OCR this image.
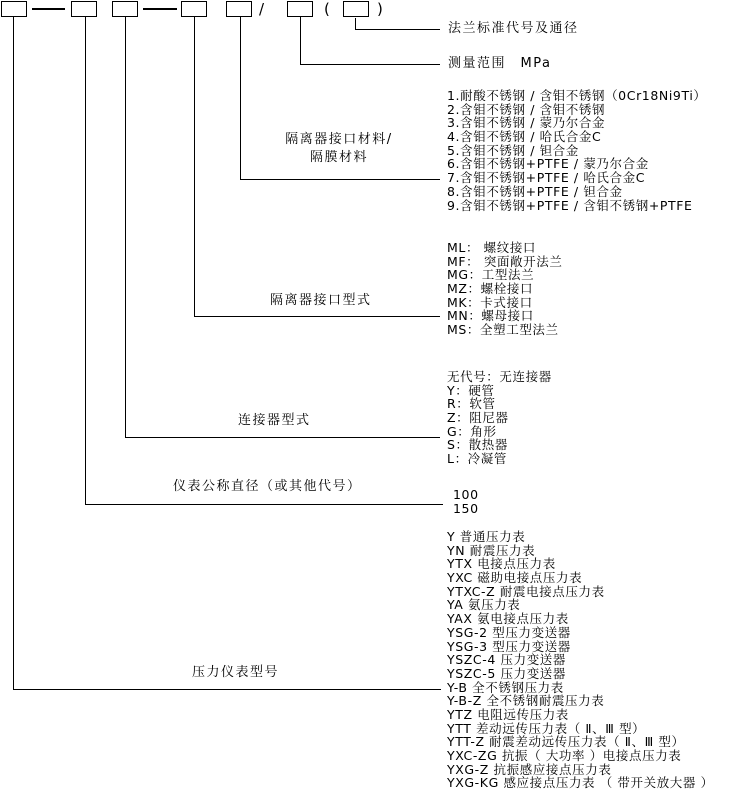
/	(	)
法兰标准代号及通径
测量范围　MPa
隔离器接口材料/
隔膜材料
隔离器接口型式
连接器型式
仪表公称直径（或其他代号）
压力仪表型号
1.耐酸不锈钢 / 含钼不锈钢（0Cr18Ni9Ti）
2.含钼不锈钢 / 含钼不锈钢
3.含钼不锈钢 / 蒙乃尔合金
4.含钼不锈钢 / 哈氏合金C
5.含钼不锈钢 / 钽合金
6.含钼不锈钢+PTFE / 蒙乃尔合金
7.含钼不锈钢+PTFE / 哈氏合金C
8.含钼不锈钢+PTFE / 钽合金
9.含钼不锈钢+PTFE / 含钼不锈钢+PTFE
ML： 螺纹接口
MF： 突面敞开法兰
MG：工型法兰
MZ：螺栓接口
MK：卡式接口
MN：螺母接口
MS：全塑工型法兰
无代号：无连接器
Y：硬管
R：软管
Z：阻尼器
G：角形
S：散热器
L：冷凝管
100
150
Y 普通压力表
YN 耐震压力表
YTX 电接点压力表
YXC 磁助电接点压力表
YTXC-Z 耐震电接点压力表
YA 氨压力表
YAX 氨电接点压力表
YSG-2 型压力变送器
YSG-3 型压力变送器
YSZC-4 压力变送器
YSZC-5 压力变送器
Y-B 全不锈钢压力表
Y-B-Z 全不锈钢耐震压力表
YTZ 电阻远传压力表
YTT 差动远传压力表（ Ⅱ、Ⅲ 型）
YTT-Z 耐震差动远传压力表（ Ⅱ、Ⅲ 型）
YXC-ZG 抗振（ 大功率 ）电接点压力表
YXG-Z 抗振感应接点压力表
YXG-KG 感应接点压力表 （ 带开关放大器 ）
